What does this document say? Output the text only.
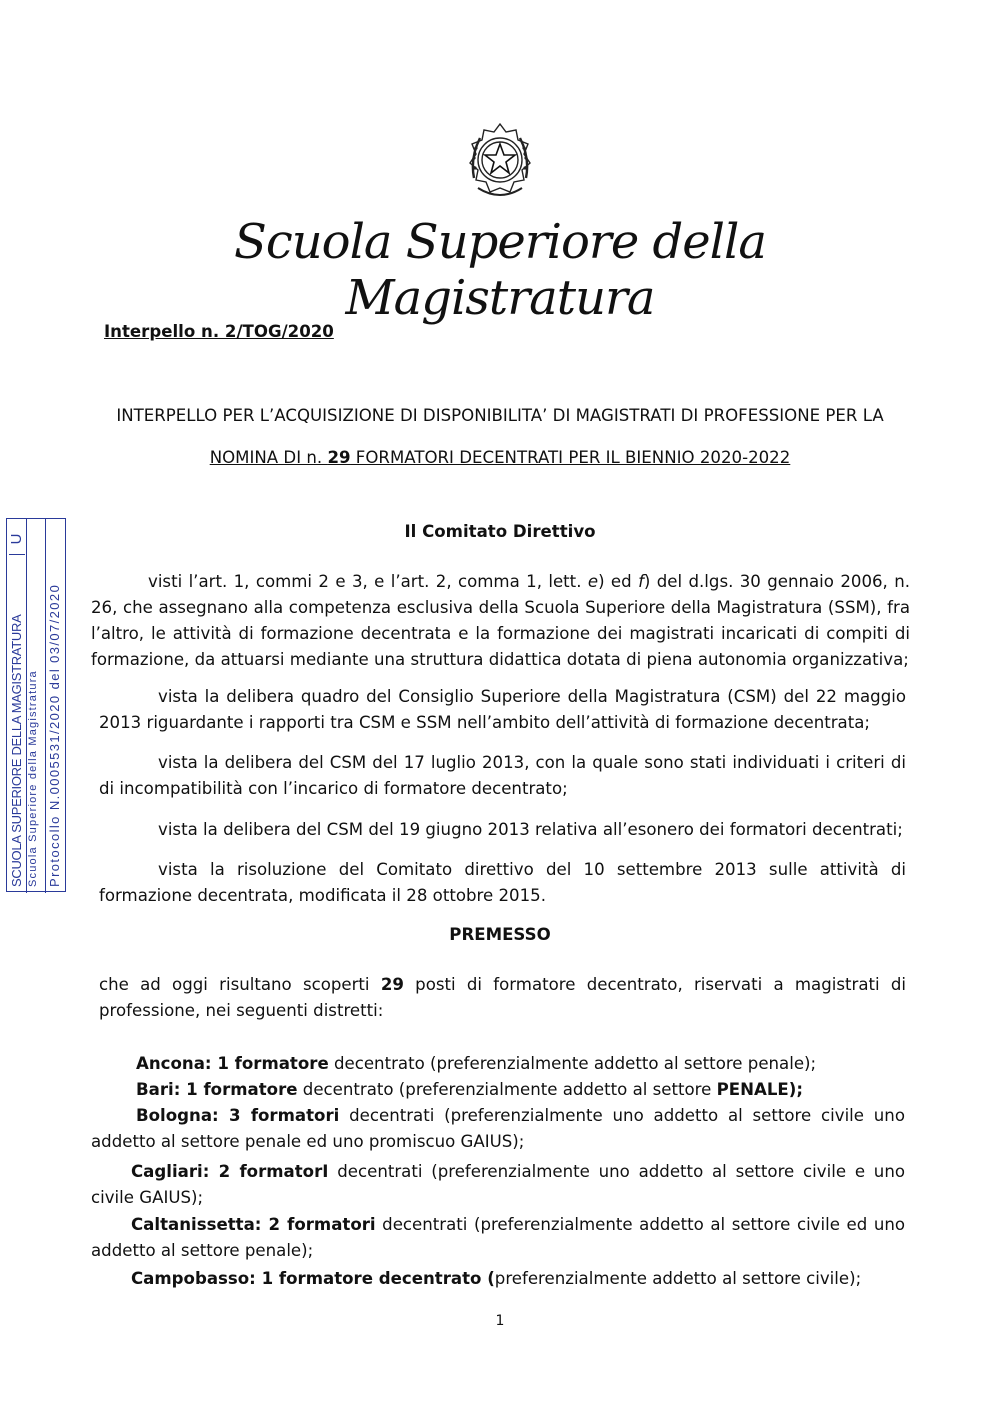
Scuola Superiore della Magistratura
Interpello n. 2/TOG/2020
INTERPELLO PER L’ACQUISIZIONE DI DISPONIBILITA’ DI MAGISTRATI DI PROFESSIONE PER LA
NOMINA DI n. 29 FORMATORI DECENTRATI PER IL BIENNIO 2020-2022
SCUOLA SUPERIORE DELLA MAGISTRATURA
U
Scuola Superiore della Magistratura Protocollo N.0005531/2020 del 03/07/2020
Il Comitato Direttivo
visti l’art. 1, commi 2 e 3, e l’art. 2, comma 1, lett. e) ed f) del d.lgs. 30 gennaio 2006, n. 26, che assegnano alla competenza esclusiva della Scuola Superiore della Magistratura (SSM), fra l’altro, le attività di formazione decentrata e la formazione dei magistrati incaricati di compiti di formazione, da attuarsi mediante una struttura didattica dotata di piena autonomia organizzativa;
vista la delibera quadro del Consiglio Superiore della Magistratura (CSM) del 22 maggio 2013 riguardante i rapporti tra CSM e SSM nell’ambito dell’attività di formazione decentrata;
vista la delibera del CSM del 17 luglio 2013, con la quale sono stati individuati i criteri di di incompatibilità con l’incarico di formatore decentrato;
vista la delibera del CSM del 19 giugno 2013 relativa all’esonero dei formatori decentrati;
vista la risoluzione del Comitato direttivo del 10 settembre 2013 sulle attività di formazione decentrata, modificata il 28 ottobre 2015.
PREMESSO
che ad oggi risultano scoperti 29 posti di formatore decentrato, riservati a magistrati di professione, nei seguenti distretti:
Ancona: 1 formatore decentrato (preferenzialmente addetto al settore penale);
Bari: 1 formatore decentrato (preferenzialmente addetto al settore PENALE);
Bologna: 3 formatori decentrati (preferenzialmente uno addetto al settore civile uno addetto al settore penale ed uno promiscuo GAIUS);
Cagliari: 2 formatorI decentrati (preferenzialmente uno addetto al settore civile e uno civile GAIUS);
Caltanissetta: 2 formatori decentrati (preferenzialmente addetto al settore civile ed uno addetto al settore penale);
Campobasso: 1 formatore decentrato (preferenzialmente addetto al settore civile);
1
